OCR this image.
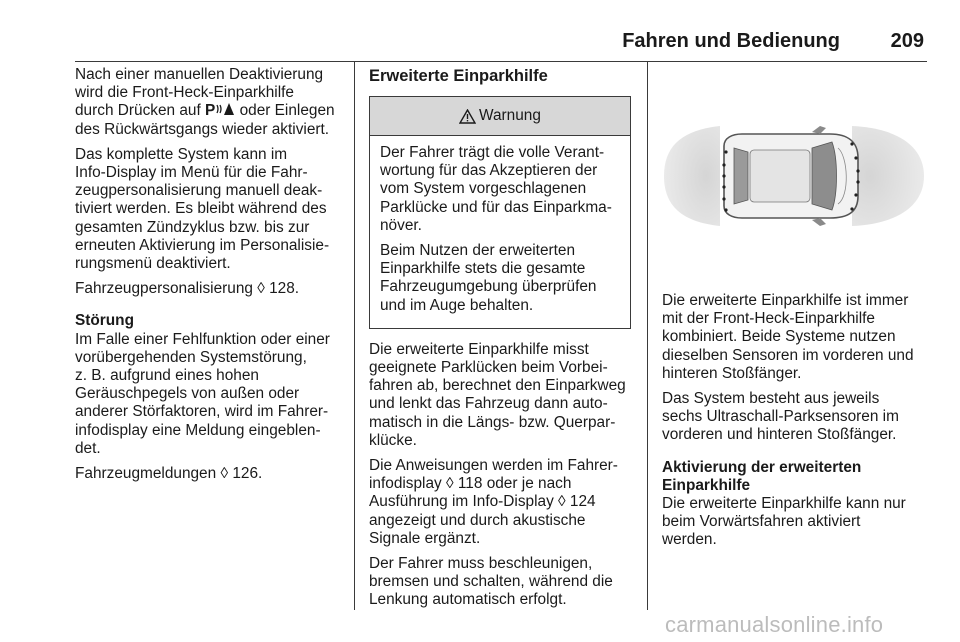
Fahren und Bedienung	209

Nach einer manuellen Deaktivierung
wird die Front-Heck-Einparkhilfe
durch Drücken auf P oder Einlegen
des Rückwärtsgangs wieder aktiviert.

Das komplette System kann im
Info-Display im Menü für die Fahr-
zeugpersonalisierung manuell deak-
tiviert werden. Es bleibt während des
gesamten Zündzyklus bzw. bis zur
erneuten Aktivierung im Personalisie-
rungsmenü deaktiviert.

Fahrzeugpersonalisierung ◊ 128.

Störung

Im Falle einer Fehlfunktion oder einer
vorübergehenden Systemstörung,
z. B. aufgrund eines hohen
Geräuschpegels von außen oder
anderer Störfaktoren, wird im Fahrer-
infodisplay eine Meldung eingeblen-
det.

Fahrzeugmeldungen ◊ 126.

Erweiterte Einparkhilfe
Warnung

Der Fahrer trägt die volle Verant-
wortung für das Akzeptieren der
vom System vorgeschlagenen
Parklücke und für das Einparkma-
növer.

Beim Nutzen der erweiterten
Einparkhilfe stets die gesamte
Fahrzeugumgebung überprüfen
und im Auge behalten.

Die erweiterte Einparkhilfe misst
geeignete Parklücken beim Vorbei-
fahren ab, berechnet den Einparkweg
und lenkt das Fahrzeug dann auto-
matisch in die Längs- bzw. Querpar-
klücke.

Die Anweisungen werden im Fahrer-
infodisplay ◊ 118 oder je nach
Ausführung im Info-Display ◊ 124
angezeigt und durch akustische
Signale ergänzt.

Der Fahrer muss beschleunigen,
bremsen und schalten, während die
Lenkung automatisch erfolgt.

Die erweiterte Einparkhilfe ist immer
mit der Front-Heck-Einparkhilfe
kombiniert. Beide Systeme nutzen
dieselben Sensoren im vorderen und
hinteren Stoßfänger.

Das System besteht aus jeweils
sechs Ultraschall-Parksensoren im
vorderen und hinteren Stoßfänger.

Aktivierung der erweiterten
Einparkhilfe

Die erweiterte Einparkhilfe kann nur
beim Vorwärtsfahren aktiviert
werden.

carmanualsonline.info
